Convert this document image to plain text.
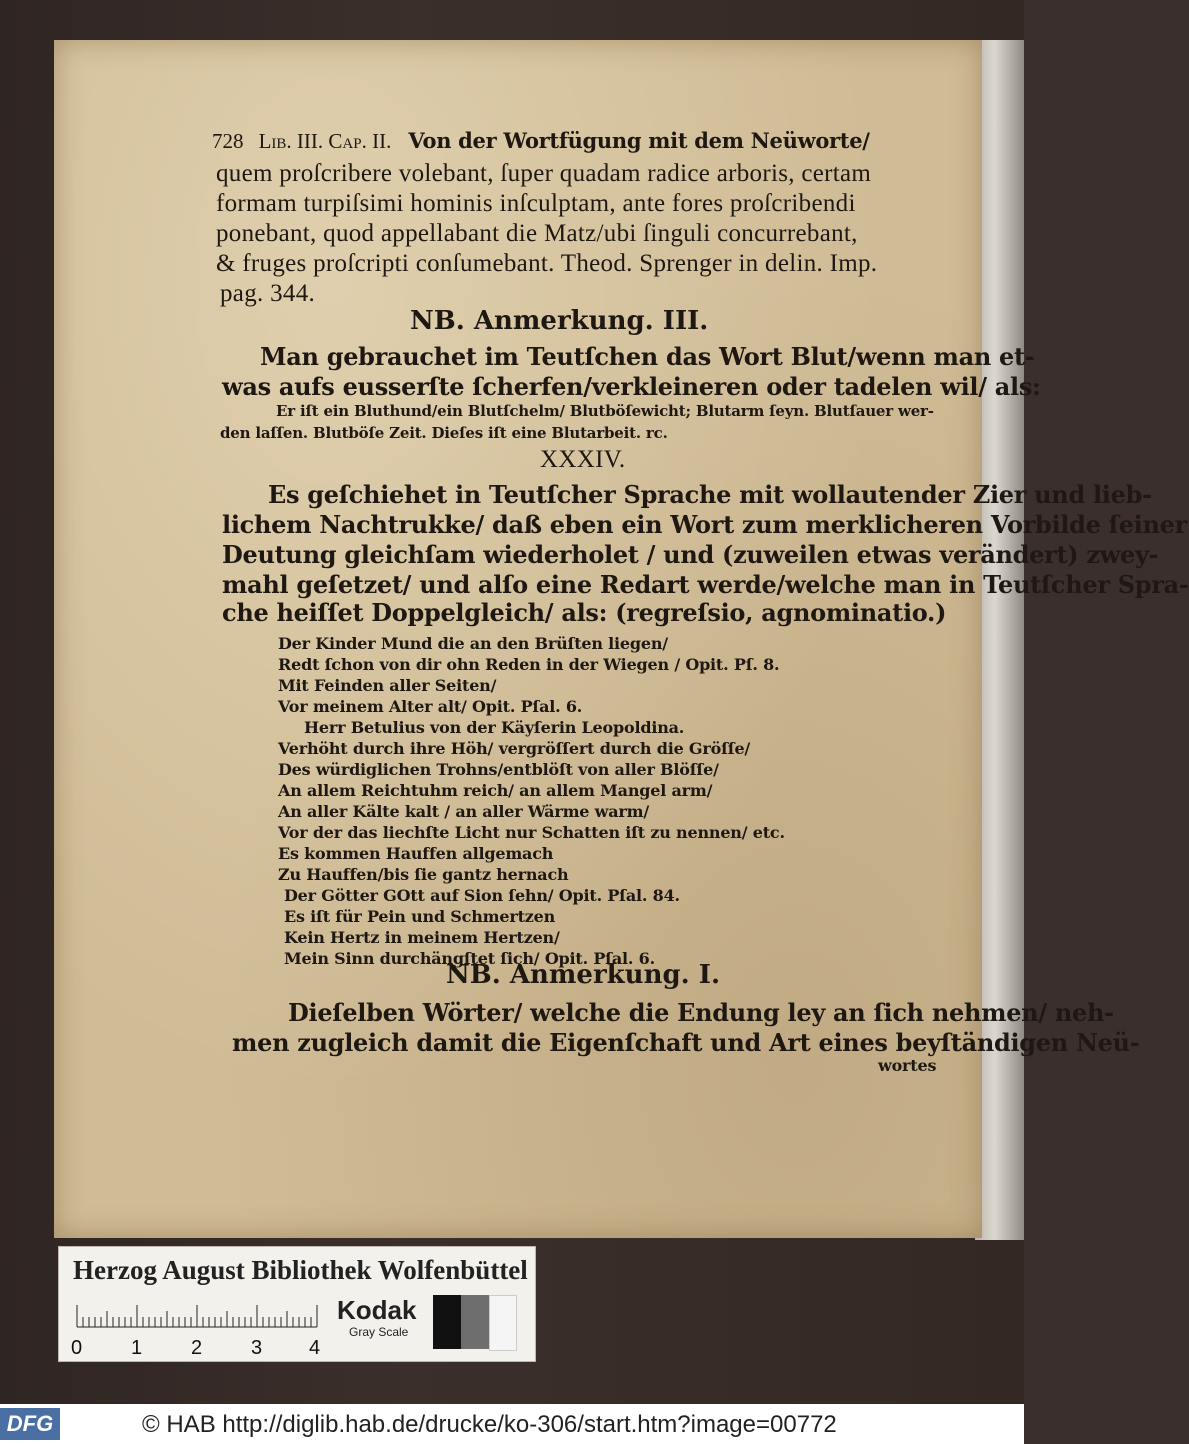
728 Lib. III. Cap. II. Von der Wortfügung mit dem Neüworte/
quem proſcribere volebant, ſuper quadam radice arboris, certam
formam turpiſsimi hominis inſculptam, ante fores proſcribendi
ponebant, quod appellabant die Matz/ubi ſinguli concurrebant,
& fruges proſcripti conſumebant. Theod. Sprenger in delin. Imp.
pag. 344.
NB. Anmerkung. III.
Man gebrauchet im Teutſchen das Wort Blut/wenn man et-
was aufs eusserſte ſcherfen/verkleineren oder tadelen wil/ als:
Er iſt ein Bluthund/ein Blutſchelm/ Blutböſewicht; Blutarm ſeyn. Blutſauer wer-
den laſſen. Blutböſe Zeit. Dieſes iſt eine Blutarbeit. rc.
XXXIV.
Es geſchiehet in Teutſcher Sprache mit wollautender Zier und lieb-
lichem Nachtrukke/ daß eben ein Wort zum merklicheren Vorbilde ſeiner
Deutung gleichſam wiederholet / und (zuweilen etwas verändert) zwey-
mahl geſetzet/ und alſo eine Redart werde/welche man in Teutſcher Spra-
che heiſſet Doppelgleich/ als: (regreſsio, agnominatio.)
Der Kinder Mund die an den Brüſten liegen/
Redt ſchon von dir ohn Reden in der Wiegen / Opit. Pſ. 8.
Mit Feinden aller Seiten/
Vor meinem Alter alt/ Opit. Pſal. 6.
Herr Betulius von der Käyſerin Leopoldina.
Verhöht durch ihre Höh/ vergröſſert durch die Gröſſe/
Des würdiglichen Trohns/entblöſt von aller Blöſſe/
An allem Reichtuhm reich/ an allem Mangel arm/
An aller Kälte kalt / an aller Wärme warm/
Vor der das liechſte Licht nur Schatten iſt zu nennen/ etc.
Es kommen Hauffen allgemach
Zu Hauffen/bis ſie gantz hernach
Der Götter GOtt auf Sion ſehn/ Opit. Pſal. 84.
Es iſt für Pein und Schmertzen
Kein Hertz in meinem Hertzen/
Mein Sinn durchängſtet ſich/ Opit. Pſal. 6.
NB. Anmerkung. I.
Dieſelben Wörter/ welche die Endung ley an ſich nehmen/ neh-
men zugleich damit die Eigenſchaft und Art eines beyſtändigen Neü-
wortes
Herzog August Bibliothek Wolfenbüttel
0 1 2 3 4
Kodak
Gray Scale
DFG	© HAB http://diglib.hab.de/drucke/ko-306/start.htm?image=00772
